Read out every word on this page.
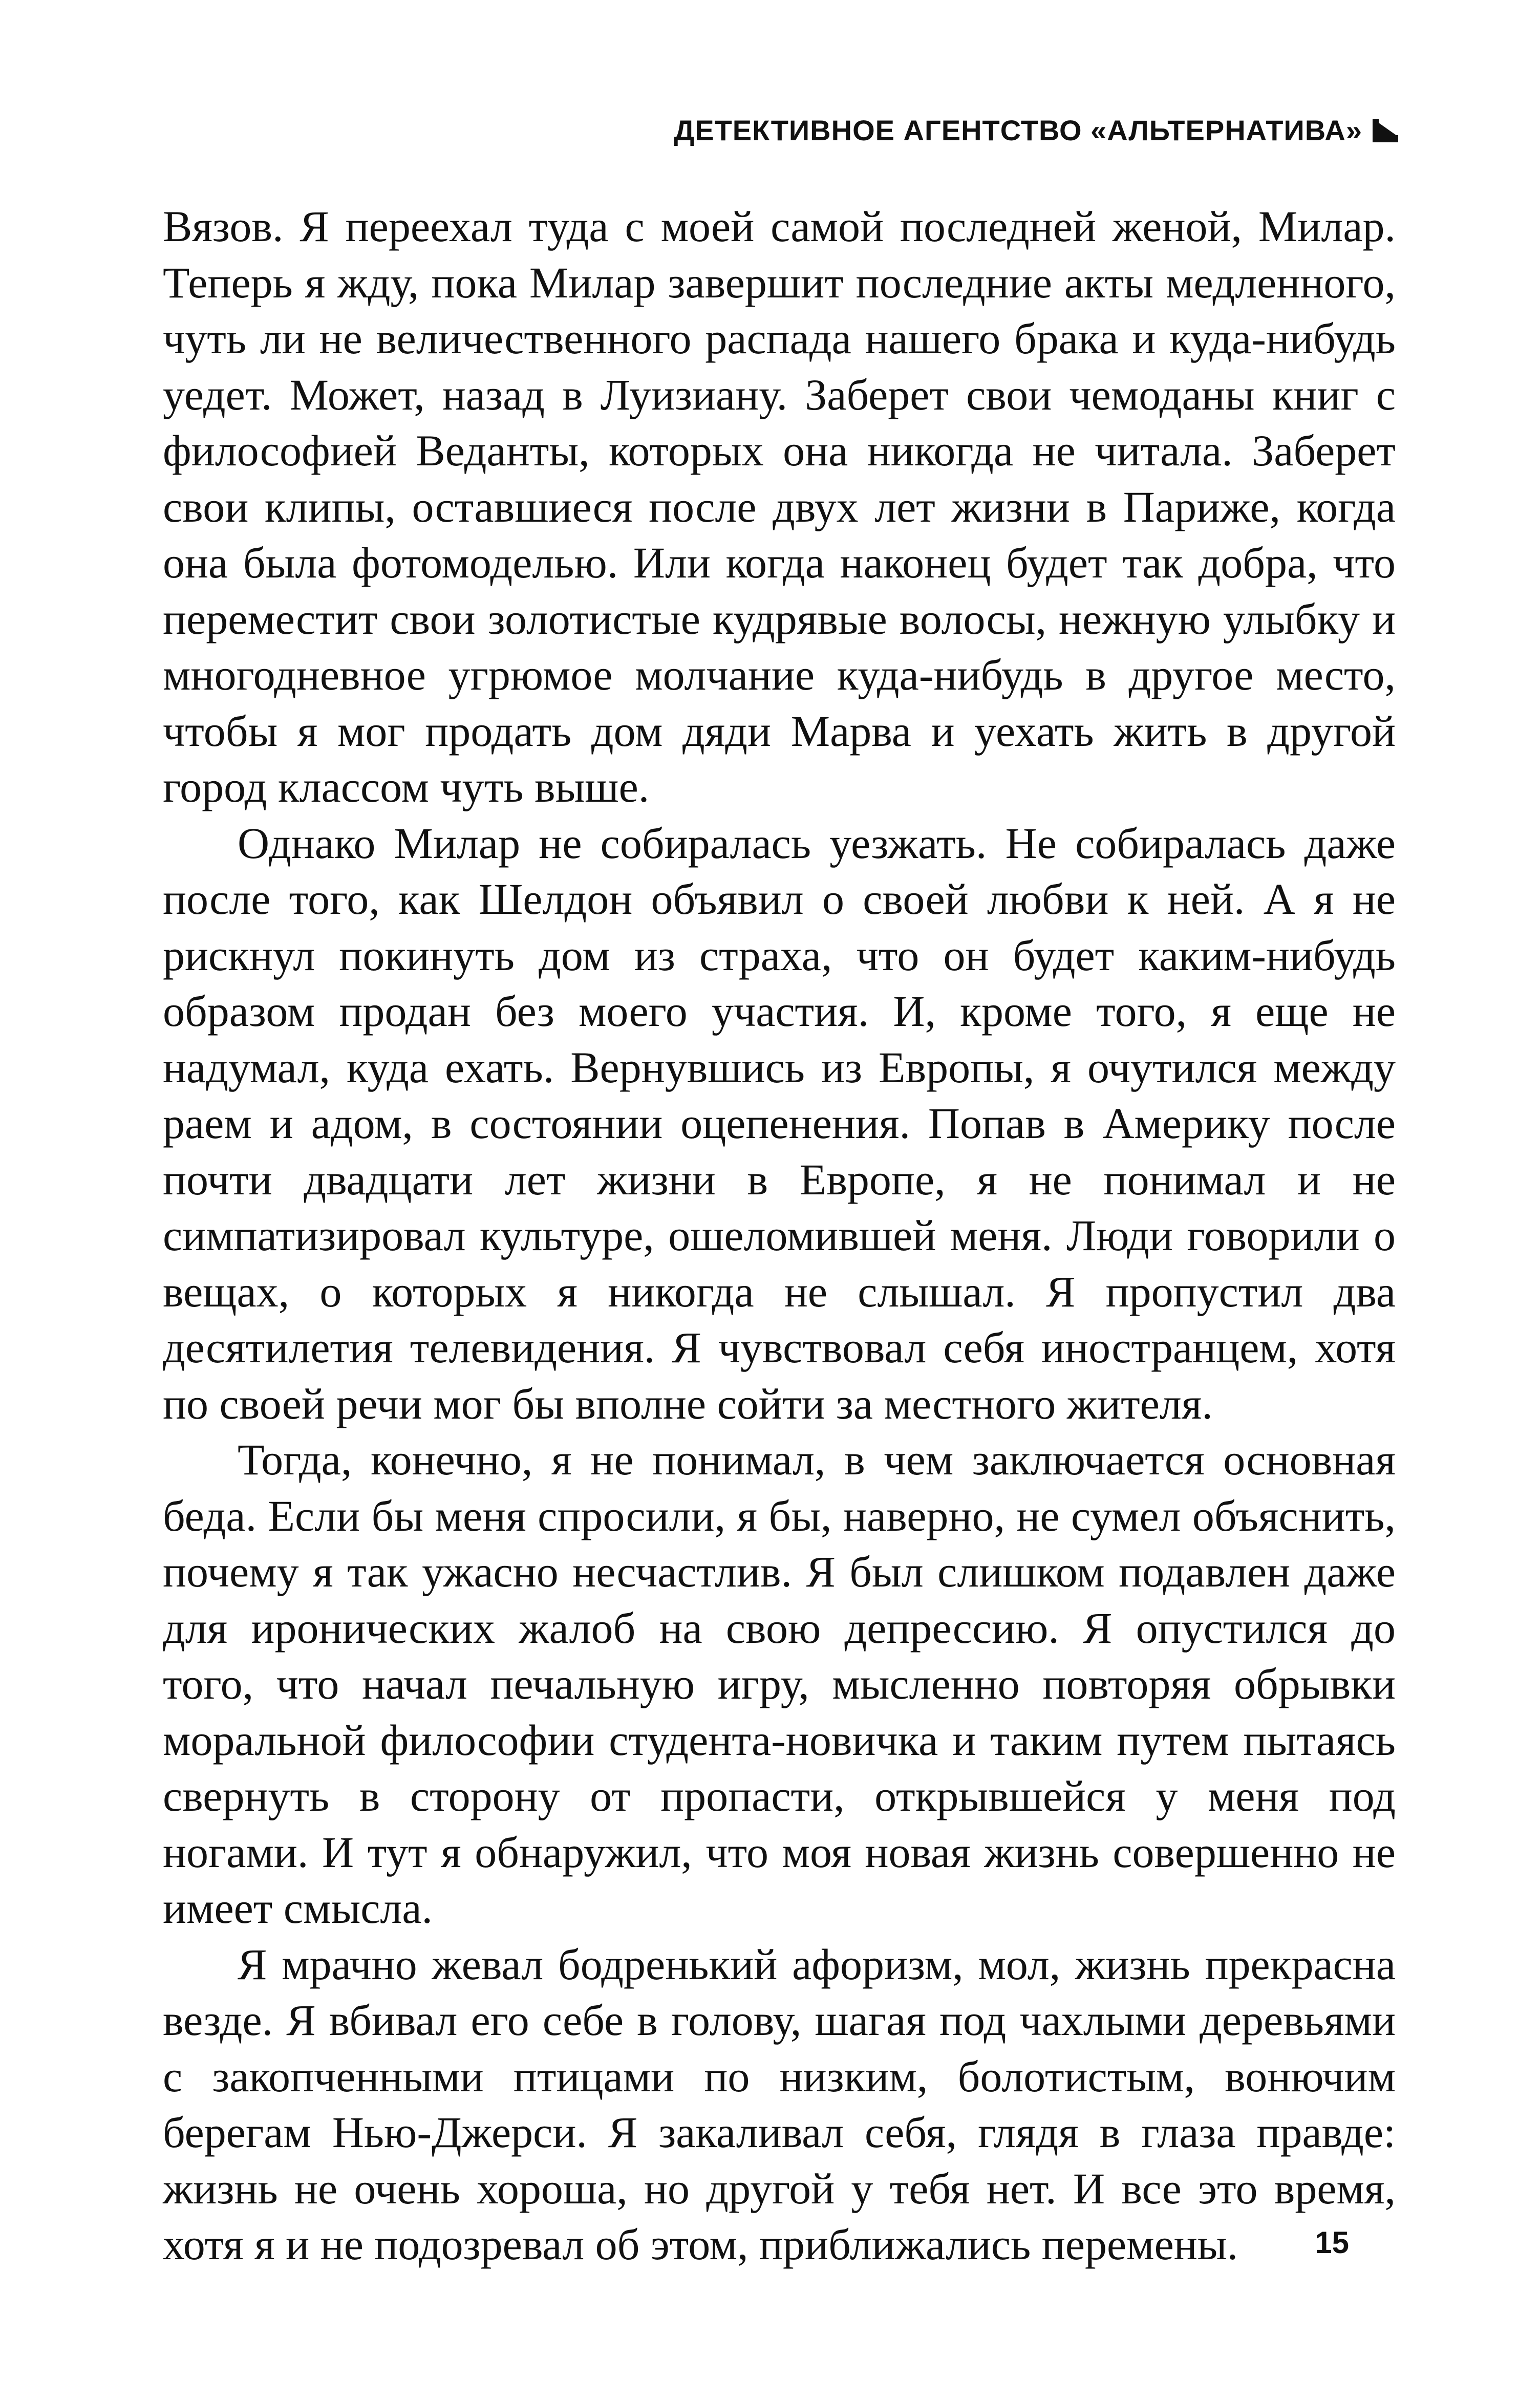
ДЕТЕКТИВНОЕ АГЕНТСТВО «АЛЬТЕРНАТИВА»

Вязов. Я переехал туда с моей самой последней женой, Милар. Теперь я жду, пока Милар завершит последние акты медленного, чуть ли не величественного распада нашего брака и куда-нибудь уедет. Может, назад в Луизиану. Заберет свои чемоданы книг с философией Веданты, которых она никогда не читала. Заберет свои клипы, оставшиеся после двух лет жизни в Париже, когда она была фотомоделью. Или когда наконец будет так добра, что переместит свои золотистые кудрявые волосы, нежную улыбку и многодневное угрюмое молчание куда-нибудь в другое место, чтобы я мог продать дом дяди Марва и уехать жить в другой город классом чуть выше.

Однако Милар не собиралась уезжать. Не собиралась даже после того, как Шелдон объявил о своей любви к ней. А я не рискнул покинуть дом из страха, что он будет каким-нибудь образом продан без моего участия. И, кроме того, я еще не надумал, куда ехать. Вернувшись из Европы, я очутился между раем и адом, в состоянии оцепенения. Попав в Америку после почти двадцати лет жизни в Европе, я не понимал и не симпатизировал культуре, ошеломившей меня. Люди говорили о вещах, о которых я никогда не слышал. Я пропустил два десятилетия телевидения. Я чувствовал себя иностранцем, хотя по своей речи мог бы вполне сойти за местного жителя.

Тогда, конечно, я не понимал, в чем заключается основная беда. Если бы меня спросили, я бы, наверно, не сумел объяснить, почему я так ужасно несчастлив. Я был слишком подавлен даже для иронических жалоб на свою депрессию. Я опустился до того, что начал печальную игру, мысленно повторяя обрывки моральной философии студента-новичка и таким путем пытаясь свернуть в сторону от пропасти, открывшейся у меня под ногами. И тут я обнаружил, что моя новая жизнь совершенно не имеет смысла.

Я мрачно жевал бодренький афоризм, мол, жизнь прекрасна везде. Я вбивал его себе в голову, шагая под чахлыми деревьями с закопченными птицами по низким, болотистым, вонючим берегам Нью-Джерси. Я закаливал себя, глядя в глаза правде: жизнь не очень хороша, но другой у тебя нет. И все это время, хотя я и не подозревал об этом, приближались перемены.	15
